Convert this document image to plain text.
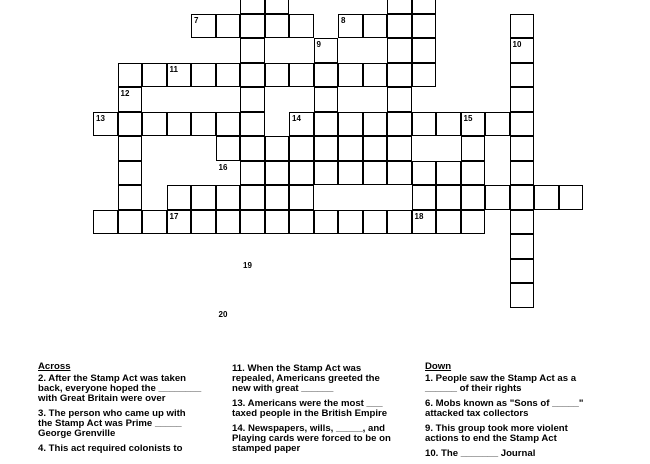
7	8
9	10
11
12
13	14	15
16
17	18
19
20
Across
2. After the Stamp Act was taken
back, everyone hoped the ________
with Great Britain were over
3. The person who came up with
the Stamp Act was Prime _____
George Grenville
4. This act required colonists to
11. When the Stamp Act was
repealed, Americans greeted the
new with great ______
13. Americans were the most ___
taxed people in the British Empire
14. Newspapers, wills, _____, and
Playing cards were forced to be on
stamped paper
Down
1. People saw the Stamp Act as a
______ of their rights
6. Mobs known as "Sons of _____"
attacked tax collectors
9. This group took more violent
actions to end the Stamp Act
10. The _______ Journal
